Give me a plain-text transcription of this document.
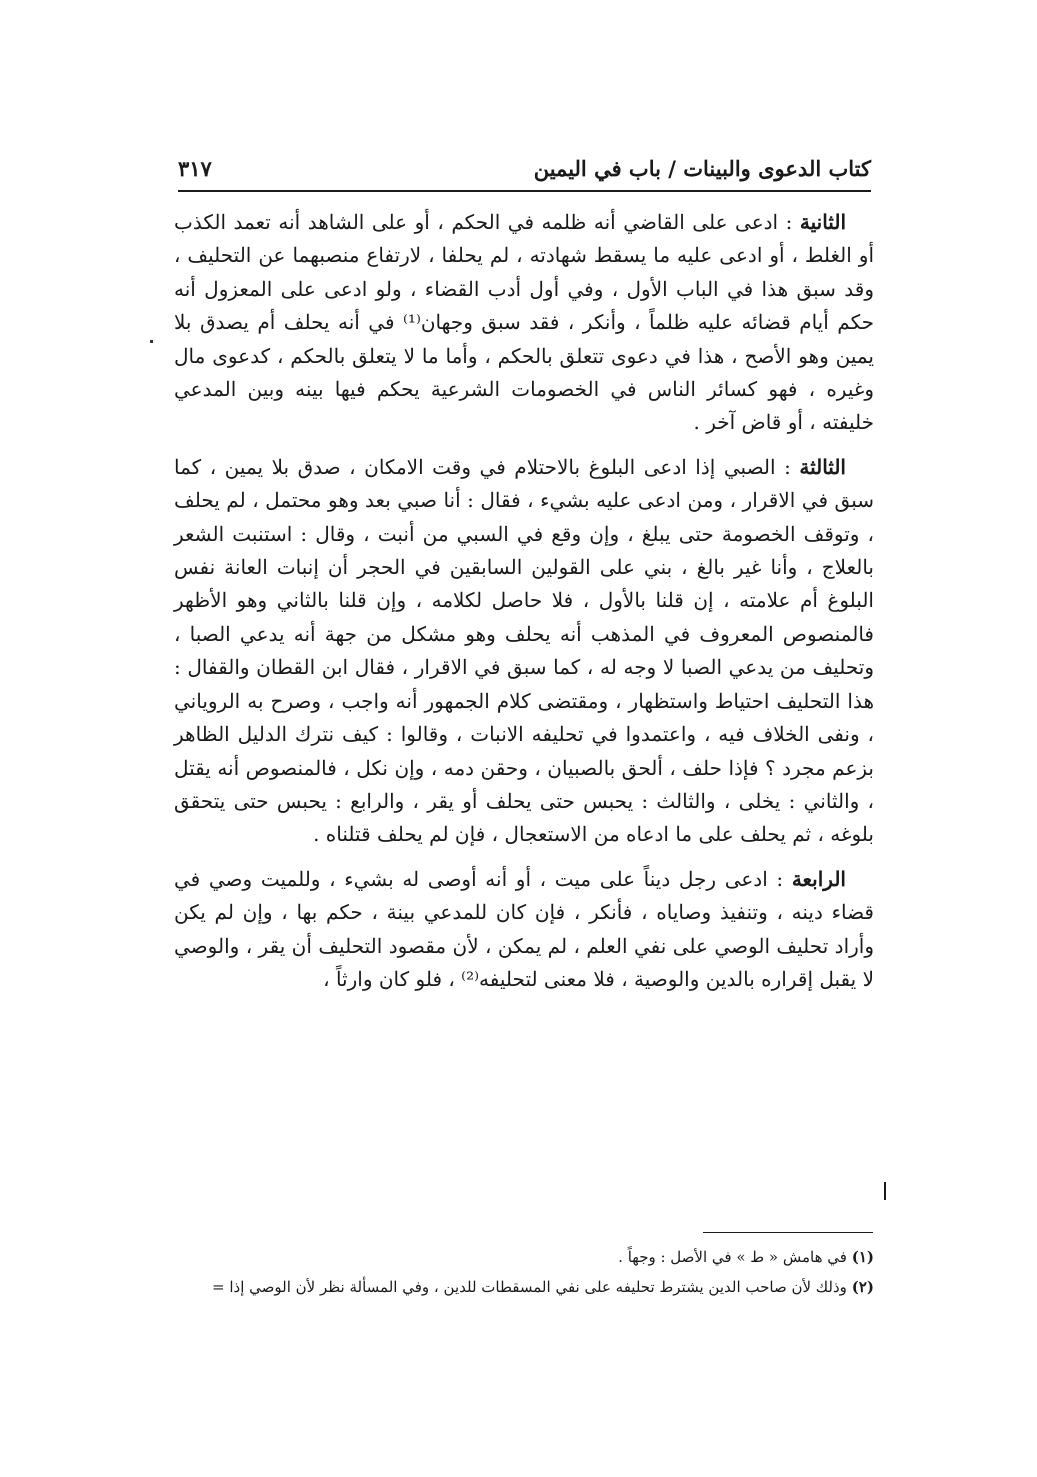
كتاب الدعوى والبينات / باب في اليمين
٣١٧

الثانية : ادعى على القاضي أنه ظلمه في الحكم ، أو على الشاهد أنه تعمد الكذب أو الغلط ، أو ادعى عليه ما يسقط شهادته ، لم يحلفا ، لارتفاع منصبهما عن التحليف ، وقد سبق هذا في الباب الأول ، وفي أول أدب القضاء ، ولو ادعى على المعزول أنه حكم أيام قضائه عليه ظلماً ، وأنكر ، فقد سبق وجهان⁽¹⁾ في أنه يحلف أم يصدق بلا يمين وهو الأصح ، هذا في دعوى تتعلق بالحكم ، وأما ما لا يتعلق بالحكم ، كدعوى مال وغيره ، فهو كسائر الناس في الخصومات الشرعية يحكم فيها بينه وبين المدعي خليفته ، أو قاض آخر .

الثالثة : الصبي إذا ادعى البلوغ بالاحتلام في وقت الامكان ، صدق بلا يمين ، كما سبق في الاقرار ، ومن ادعى عليه بشيء ، فقال : أنا صبي بعد وهو محتمل ، لم يحلف ، وتوقف الخصومة حتى يبلغ ، وإن وقع في السبي من أنبت ، وقال : استنبت الشعر بالعلاج ، وأنا غير بالغ ، بني على القولين السابقين في الحجر أن إنبات العانة نفس البلوغ أم علامته ، إن قلنا بالأول ، فلا حاصل لكلامه ، وإن قلنا بالثاني وهو الأظهر فالمنصوص المعروف في المذهب أنه يحلف وهو مشكل من جهة أنه يدعي الصبا ، وتحليف من يدعي الصبا لا وجه له ، كما سبق في الاقرار ، فقال ابن القطان والقفال : هذا التحليف احتياط واستظهار ، ومقتضى كلام الجمهور أنه واجب ، وصرح به الروياني ، ونفى الخلاف فيه ، واعتمدوا في تحليفه الانبات ، وقالوا : كيف نترك الدليل الظاهر بزعم مجرد ؟ فإذا حلف ، ألحق بالصبيان ، وحقن دمه ، وإن نكل ، فالمنصوص أنه يقتل ، والثاني : يخلى ، والثالث : يحبس حتى يحلف أو يقر ، والرابع : يحبس حتى يتحقق بلوغه ، ثم يحلف على ما ادعاه من الاستعجال ، فإن لم يحلف قتلناه .

الرابعة : ادعى رجل ديناً على ميت ، أو أنه أوصى له بشيء ، وللميت وصي في قضاء دينه ، وتنفيذ وصاياه ، فأنكر ، فإن كان للمدعي بينة ، حكم بها ، وإن لم يكن وأراد تحليف الوصي على نفي العلم ، لم يمكن ، لأن مقصود التحليف أن يقر ، والوصي لا يقبل إقراره بالدين والوصية ، فلا معنى لتحليفه⁽²⁾ ، فلو كان وارثاً ،

(١) في هامش « ط » في الأصل : وجهاً .
(٢) وذلك لأن صاحب الدين يشترط تحليفه على نفي المسقطات للدين ، وفي المسألة نظر لأن الوصي إذا =
